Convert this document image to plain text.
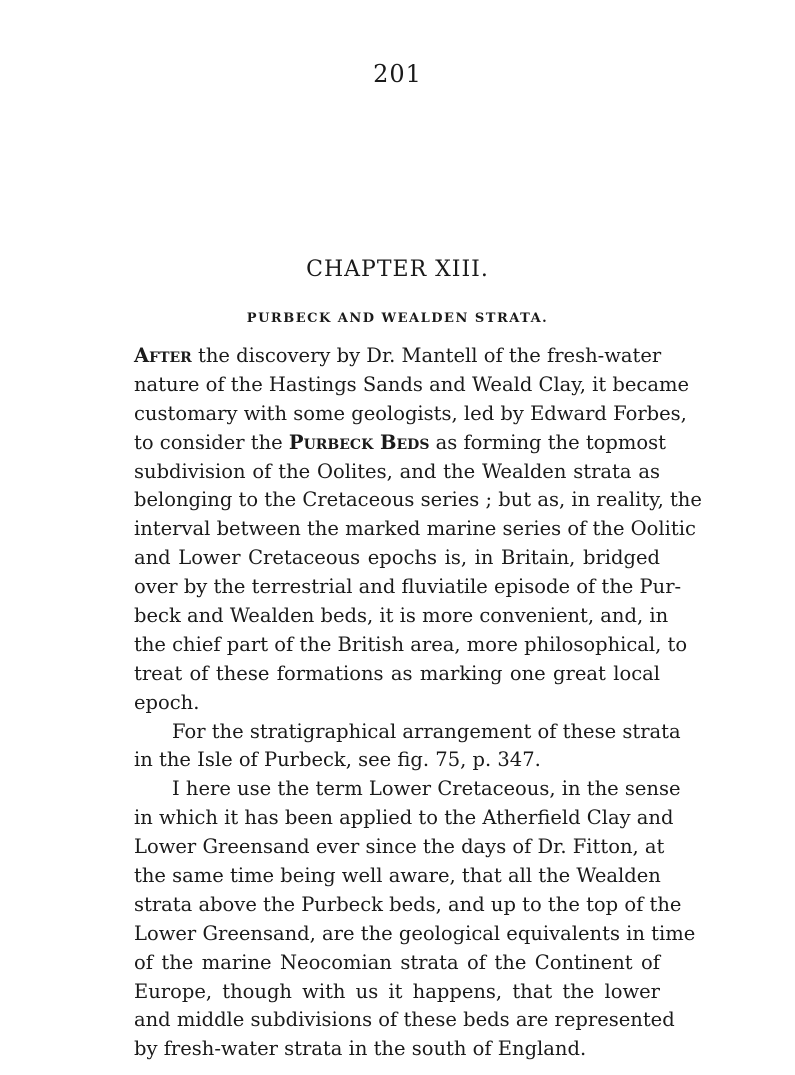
201
CHAPTER XIII.
PURBECK AND WEALDEN STRATA.
After the discovery by Dr. Mantell of the fresh-water
nature of the Hastings Sands and Weald Clay, it became
customary with some geologists, led by Edward Forbes,
to consider the Purbeck Beds as forming the topmost
subdivision of the Oolites, and the Wealden strata as
belonging to the Cretaceous series ; but as, in reality, the
interval between the marked marine series of the Oolitic
and Lower Cretaceous epochs is, in Britain, bridged
over by the terrestrial and fluviatile episode of the Pur-
beck and Wealden beds, it is more convenient, and, in
the chief part of the British area, more philosophical, to
treat of these formations as marking one great local
epoch.
For the stratigraphical arrangement of these strata
in the Isle of Purbeck, see fig. 75, p. 347.
I here use the term Lower Cretaceous, in the sense
in which it has been applied to the Atherfield Clay and
Lower Greensand ever since the days of Dr. Fitton, at
the same time being well aware, that all the Wealden
strata above the Purbeck beds, and up to the top of the
Lower Greensand, are the geological equivalents in time
of the marine Neocomian strata of the Continent of
Europe, though with us it happens, that the lower
and middle subdivisions of these beds are represented
by fresh-water strata in the south of England.
